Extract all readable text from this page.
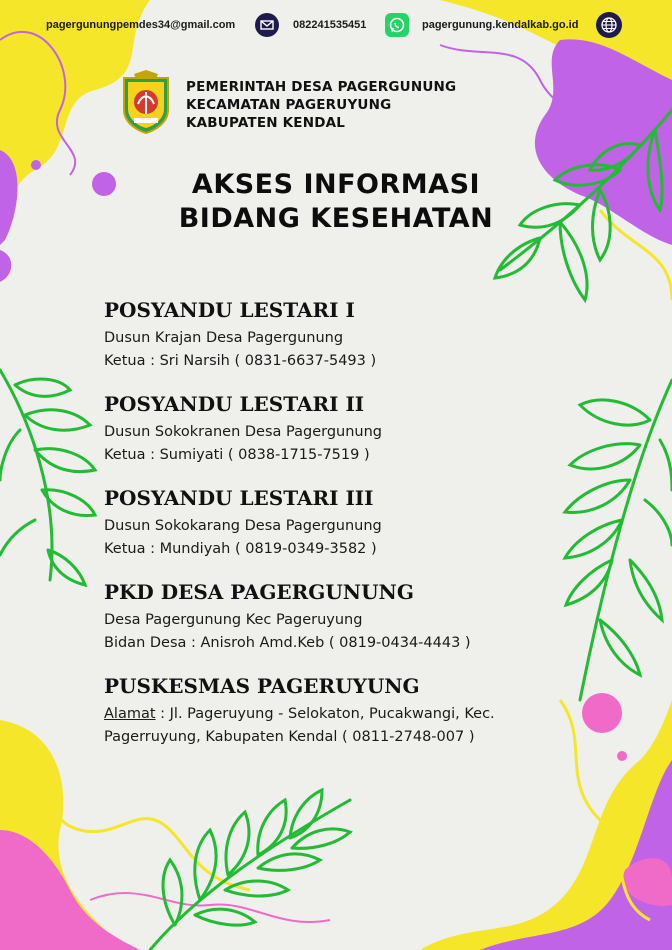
pagergunungpemdes34@gmail.com	082241535451	pagergunung.kendalkab.go.id
PEMERINTAH DESA PAGERGUNUNG
KECAMATAN PAGERUYUNG
KABUPATEN KENDAL
AKSES INFORMASI
BIDANG KESEHATAN
POSYANDU LESTARI I

Dusun Krajan Desa Pagergunung
Ketua : Sri Narsih ( 0831-6637-5493 )

POSYANDU LESTARI II

Dusun Sokokranen Desa Pagergunung
Ketua : Sumiyati ( 0838-1715-7519 )

POSYANDU LESTARI III

Dusun Sokokarang Desa Pagergunung
Ketua : Mundiyah ( 0819-0349-3582 )

PKD DESA PAGERGUNUNG

Desa Pagergunung Kec Pageruyung
Bidan Desa : Anisroh Amd.Keb ( 0819-0434-4443 )

PUSKESMAS PAGERUYUNG

Alamat : Jl. Pageruyung - Selokaton, Pucakwangi, Kec.
Pagerruyung, Kabupaten Kendal ( 0811-2748-007 )
